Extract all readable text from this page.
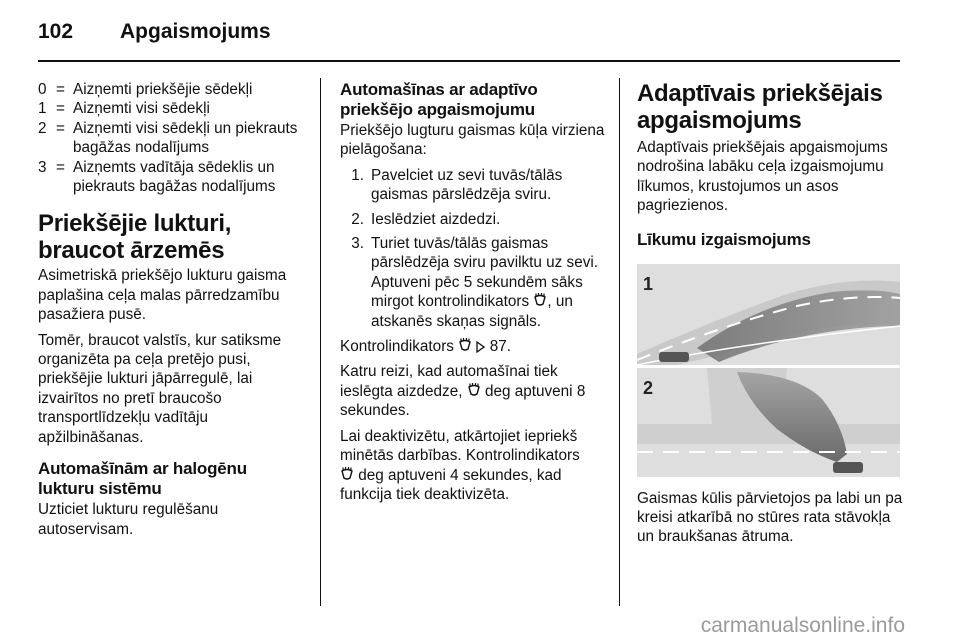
102 Apgaismojums
0 = Aizņemti priekšējie sēdekļi
1 = Aizņemti visi sēdekļi
2 = Aizņemti visi sēdekļi un piekrauts bagāžas nodalījums
3 = Aizņemts vadītāja sēdeklis un piekrauts bagāžas nodalījums
Priekšējie lukturi, braucot ārzemēs

Asimetriskā priekšējo lukturu gaisma paplašina ceļa malas pārredzamību pasažiera pusē.

Tomēr, braucot valstīs, kur satiksme organizēta pa ceļa pretējo pusi, priekšējie lukturi jāpārregulē, lai izvairītos no pretī braucošo transportlīdzekļu vadītāju apžilbināšanas.

Automašīnām ar halogēnu lukturu sistēmu

Uzticiet lukturu regulēšanu autoservisam.

Automašīnas ar adaptīvo priekšējo apgaismojumu

Priekšējo lugturu gaismas kūļa virziena pielāgošana:

1. Pavelciet uz sevi tuvās/tālās gaismas pārslēdzēja sviru.
2. Ieslēdziet aizdedzi.
3. Turiet tuvās/tālās gaismas pārslēdzēja sviru pavilktu uz sevi. Aptuveni pēc 5 sekundēm sāks mirgot kontrolindikators , un atskanēs skaņas signāls.

Kontrolindikators 87.

Katru reizi, kad automašīnai tiek ieslēgta aizdedze, deg aptuveni 8 sekundes.

Lai deaktivizētu, atkārtojiet iepriekš minētās darbības. Kontrolindikators
deg aptuveni 4 sekundes, kad funkcija tiek deaktivizēta.

Adaptīvais priekšējais apgaismojums

Adaptīvais priekšējais apgaismojums nodrošina labāku ceļa izgaismojumu līkumos, krustojumos un asos pagriezienos.

Līkumu izgaismojums
1
2

Gaismas kūlis pārvietojos pa labi un pa kreisi atkarībā no stūres rata stāvokļa un braukšanas ātruma.

carmanualsonline.info
